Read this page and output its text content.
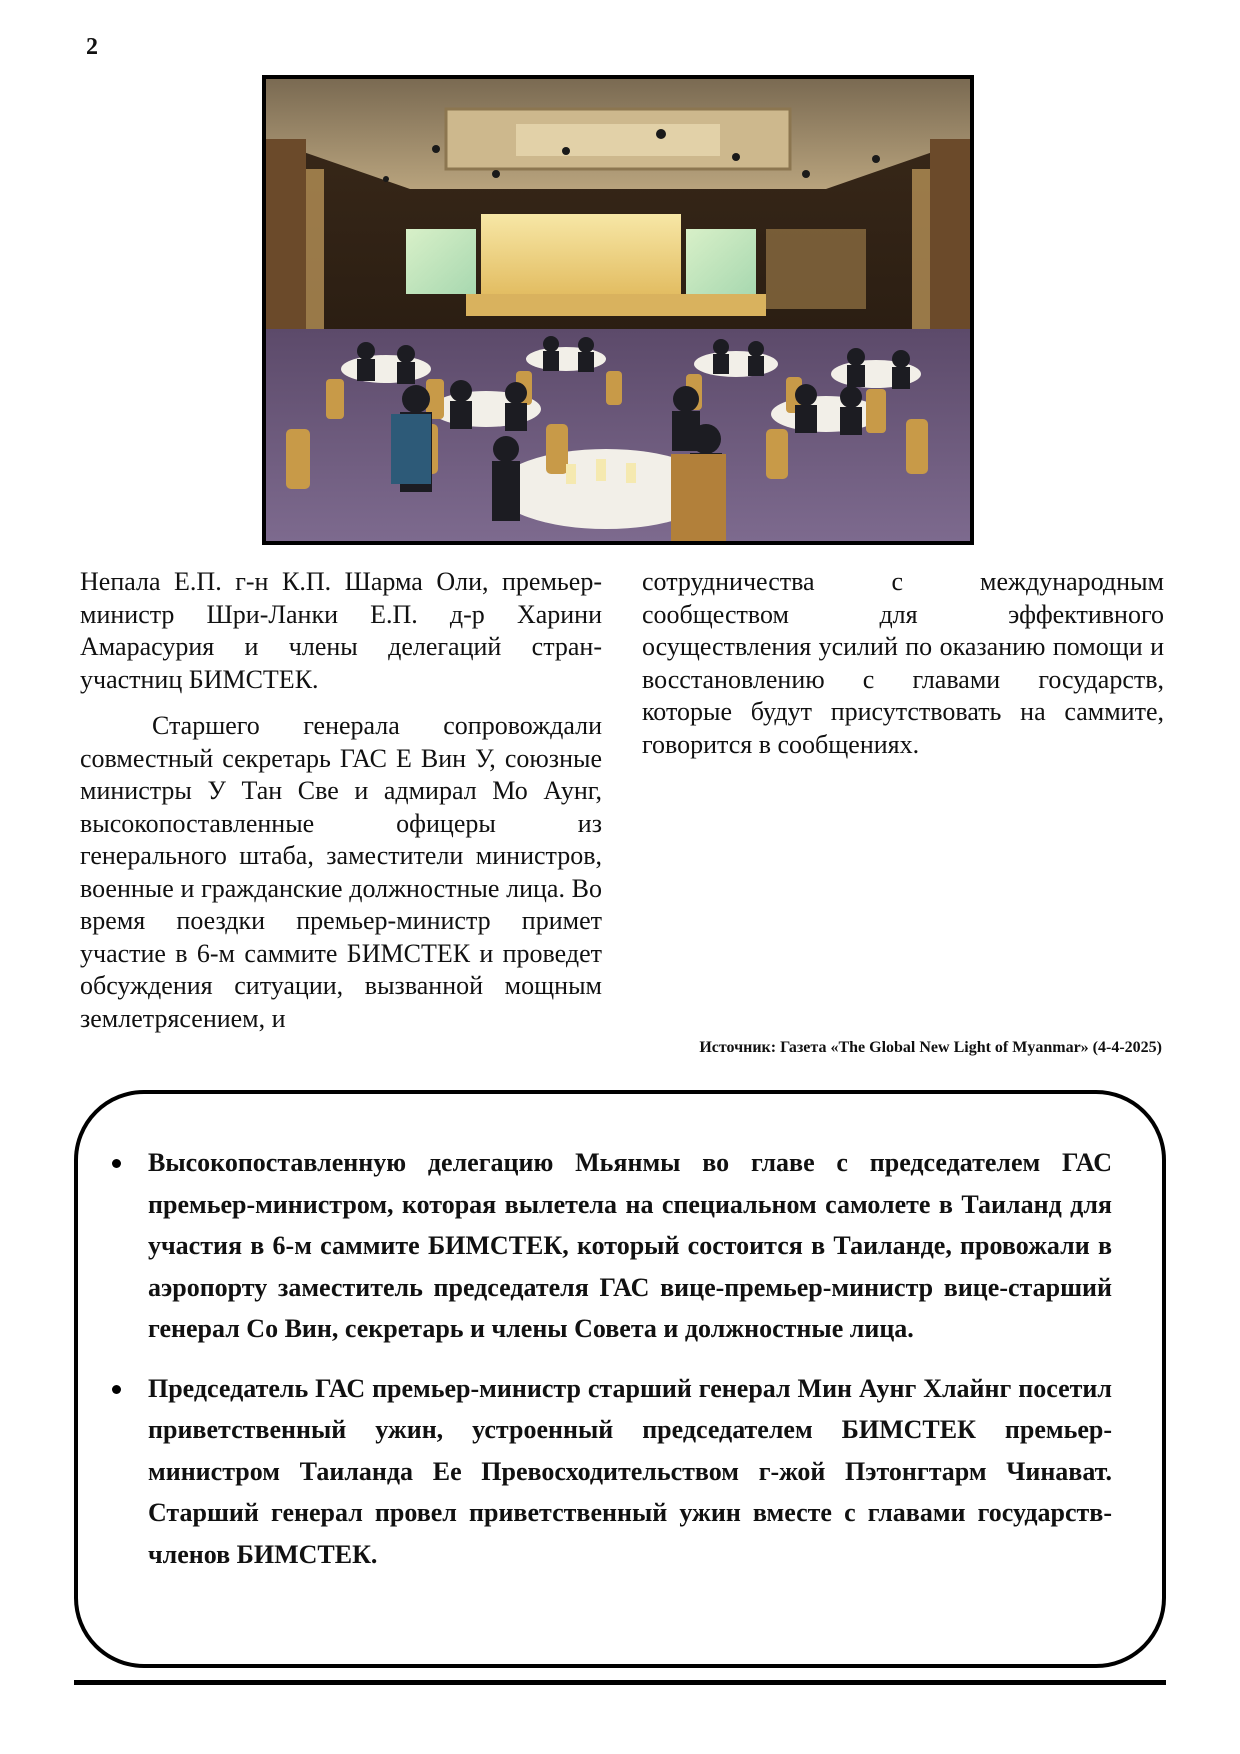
2

Непала Е.П. г-н К.П. Шарма Оли, премьер-министр Шри-Ланки Е.П. д-р Харини Амарасурия и члены делегаций стран-участниц БИМСТЕК.

Старшего генерала сопровождали совместный секретарь ГАС Е Вин У, союзные министры У Тан Све и адмирал Мо Аунг, высокопоставленные офицеры из генерального штаба, заместители министров, военные и гражданские должностные лица. Во время поездки премьер-министр примет участие в 6-м саммите БИМСТЕК и проведет обсуждения ситуации, вызванной мощным землетрясением, и

сотрудничества с международным сообществом для эффективного осуществления усилий по оказанию помощи и восстановлению с главами государств, которые будут присутствовать на саммите, говорится в сообщениях.

Источник: Газета «The Global New Light of Myanmar» (4-4-2025)
Высокопоставленную делегацию Мьянмы во главе с председателем ГАС премьер-министром, которая вылетела на специальном самолете в Таиланд для участия в 6-м саммите БИМСТЕК, который состоится в Таиланде, провожали в аэропорту заместитель председателя ГАС вице-премьер-министр вице-старший генерал Со Вин, секретарь и члены Совета и должностные лица.
Председатель ГАС премьер-министр старший генерал Мин Аунг Хлайнг посетил приветственный ужин, устроенный председателем БИМСТЕК премьер-министром Таиланда Ее Превосходительством г-жой Пэтонгтарм Чинават. Старший генерал провел приветственный ужин вместе с главами государств-членов БИМСТЕК.
